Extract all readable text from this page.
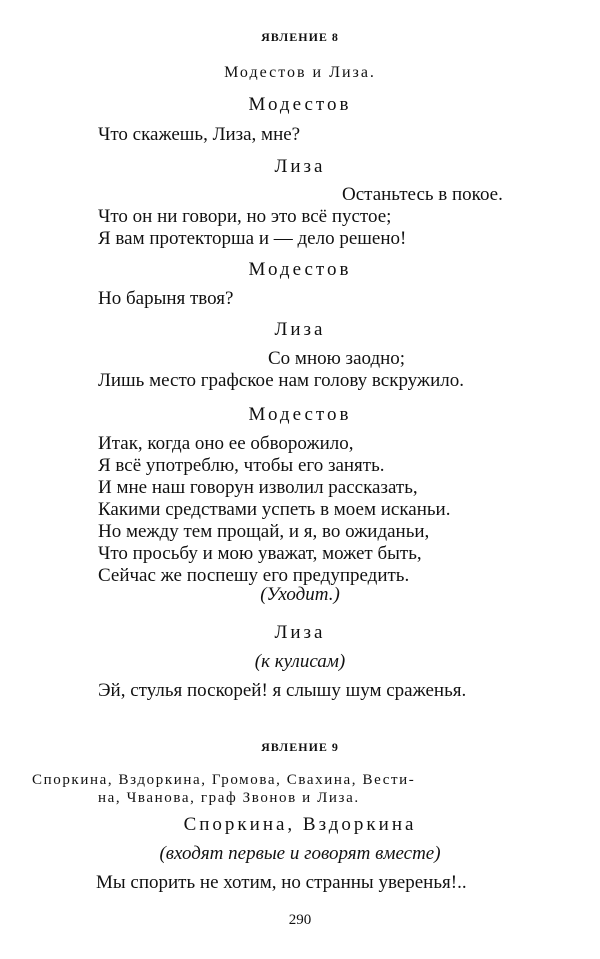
ЯВЛЕНИЕ 8
Модестов и Лиза.
Модестов
Что скажешь, Лиза, мне?
Лиза
Останьтесь в покое.
Что он ни говори, но это всё пустое;
Я вам протекторша и — дело решено!
Модестов
Но барыня твоя?
Лиза
Со мною заодно;
Лишь место графское нам голову вскружило.
Модестов
Итак, когда оно ее обворожило,
Я всё употреблю, чтобы его занять.
И мне наш говорун изволил рассказать,
Какими средствами успеть в моем исканьи.
Но между тем прощай, и я, во ожиданьи,
Что просьбу и мою уважат, может быть,
Сейчас же поспешу его предупредить.
(Уходит.)
Лиза
(к кулисам)
Эй, стулья поскорей! я слышу шум сраженья.
ЯВЛЕНИЕ 9
Споркина, Вздоркина, Громова, Свахина, Вести-
на, Чванова, граф Звонов и Лиза.
Споркина, Вздоркина
(входят первые и говорят вместе)
Мы спорить не хотим, но странны уверенья!..
290
